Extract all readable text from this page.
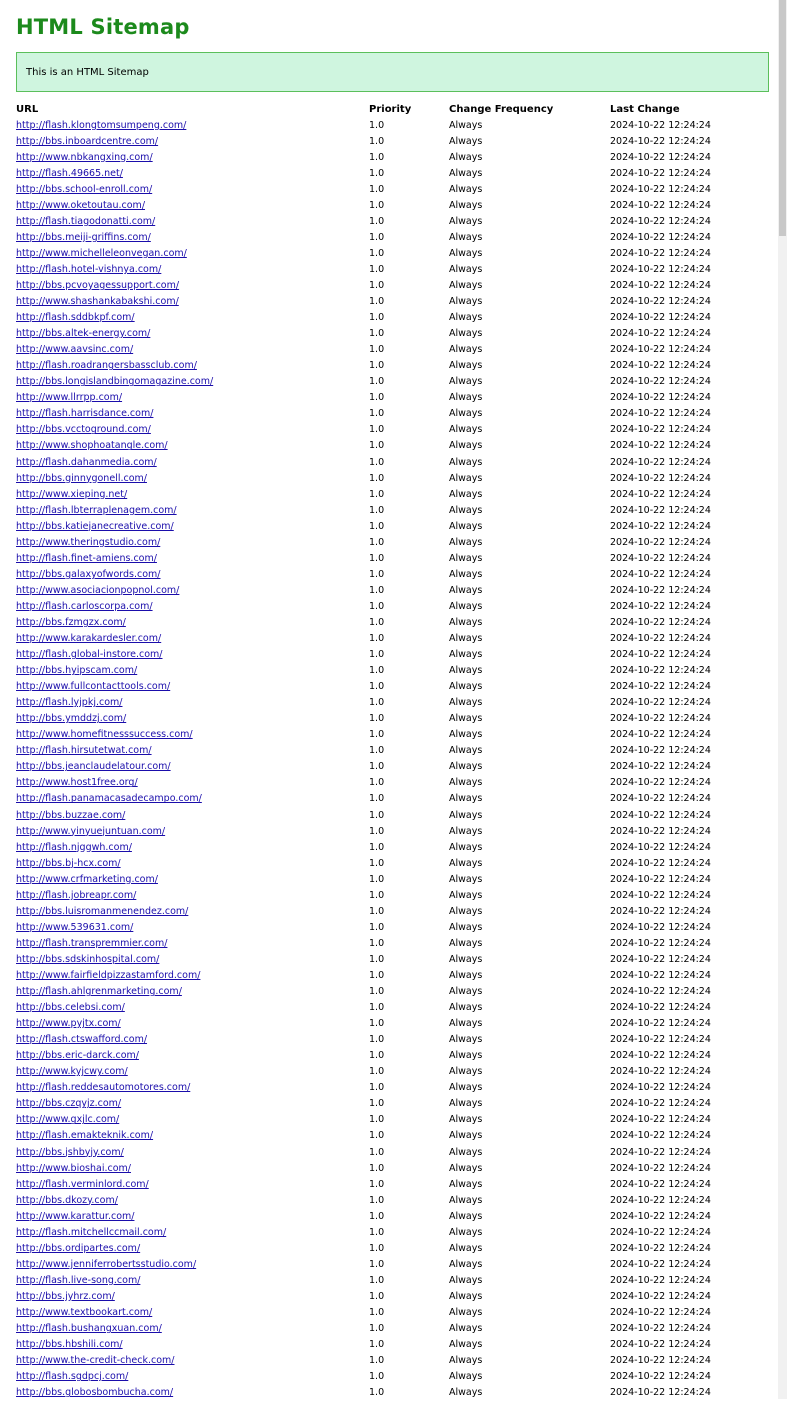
HTML Sitemap
This is an HTML Sitemap
URL	Priority	Change Frequency	Last Change
http://flash.klongtomsumpeng.com/	1.0	Always	2024-10-22 12:24:24
http://bbs.inboardcentre.com/	1.0	Always	2024-10-22 12:24:24
http://www.nbkangxing.com/	1.0	Always	2024-10-22 12:24:24
http://flash.49665.net/	1.0	Always	2024-10-22 12:24:24
http://bbs.school-enroll.com/	1.0	Always	2024-10-22 12:24:24
http://www.oketoutau.com/	1.0	Always	2024-10-22 12:24:24
http://flash.tiagodonatti.com/	1.0	Always	2024-10-22 12:24:24
http://bbs.meiji-griffins.com/	1.0	Always	2024-10-22 12:24:24
http://www.michelleleonvegan.com/	1.0	Always	2024-10-22 12:24:24
http://flash.hotel-vishnya.com/	1.0	Always	2024-10-22 12:24:24
http://bbs.pcvoyagessupport.com/	1.0	Always	2024-10-22 12:24:24
http://www.shashankabakshi.com/	1.0	Always	2024-10-22 12:24:24
http://flash.sddbkpf.com/	1.0	Always	2024-10-22 12:24:24
http://bbs.altek-energy.com/	1.0	Always	2024-10-22 12:24:24
http://www.aavsinc.com/	1.0	Always	2024-10-22 12:24:24
http://flash.roadrangersbassclub.com/	1.0	Always	2024-10-22 12:24:24
http://bbs.longislandbingomagazine.com/	1.0	Always	2024-10-22 12:24:24
http://www.llrrpp.com/	1.0	Always	2024-10-22 12:24:24
http://flash.harrisdance.com/	1.0	Always	2024-10-22 12:24:24
http://bbs.vcctoground.com/	1.0	Always	2024-10-22 12:24:24
http://www.shophoatangle.com/	1.0	Always	2024-10-22 12:24:24
http://flash.dahanmedia.com/	1.0	Always	2024-10-22 12:24:24
http://bbs.ginnygonell.com/	1.0	Always	2024-10-22 12:24:24
http://www.xieping.net/	1.0	Always	2024-10-22 12:24:24
http://flash.lbterraplenagem.com/	1.0	Always	2024-10-22 12:24:24
http://bbs.katiejanecreative.com/	1.0	Always	2024-10-22 12:24:24
http://www.theringstudio.com/	1.0	Always	2024-10-22 12:24:24
http://flash.finet-amiens.com/	1.0	Always	2024-10-22 12:24:24
http://bbs.galaxyofwords.com/	1.0	Always	2024-10-22 12:24:24
http://www.asociacionpopnol.com/	1.0	Always	2024-10-22 12:24:24
http://flash.carloscorpa.com/	1.0	Always	2024-10-22 12:24:24
http://bbs.fzmgzx.com/	1.0	Always	2024-10-22 12:24:24
http://www.karakardesler.com/	1.0	Always	2024-10-22 12:24:24
http://flash.global-instore.com/	1.0	Always	2024-10-22 12:24:24
http://bbs.hyipscam.com/	1.0	Always	2024-10-22 12:24:24
http://www.fullcontacttools.com/	1.0	Always	2024-10-22 12:24:24
http://flash.lyjpkj.com/	1.0	Always	2024-10-22 12:24:24
http://bbs.ymddzj.com/	1.0	Always	2024-10-22 12:24:24
http://www.homefitnesssuccess.com/	1.0	Always	2024-10-22 12:24:24
http://flash.hirsutetwat.com/	1.0	Always	2024-10-22 12:24:24
http://bbs.jeanclaudelatour.com/	1.0	Always	2024-10-22 12:24:24
http://www.host1free.org/	1.0	Always	2024-10-22 12:24:24
http://flash.panamacasadecampo.com/	1.0	Always	2024-10-22 12:24:24
http://bbs.buzzae.com/	1.0	Always	2024-10-22 12:24:24
http://www.yinyuejuntuan.com/	1.0	Always	2024-10-22 12:24:24
http://flash.njggwh.com/	1.0	Always	2024-10-22 12:24:24
http://bbs.bj-hcx.com/	1.0	Always	2024-10-22 12:24:24
http://www.crfmarketing.com/	1.0	Always	2024-10-22 12:24:24
http://flash.jobreapr.com/	1.0	Always	2024-10-22 12:24:24
http://bbs.luisromanmenendez.com/	1.0	Always	2024-10-22 12:24:24
http://www.539631.com/	1.0	Always	2024-10-22 12:24:24
http://flash.transpremmier.com/	1.0	Always	2024-10-22 12:24:24
http://bbs.sdskinhospital.com/	1.0	Always	2024-10-22 12:24:24
http://www.fairfieldpizzastamford.com/	1.0	Always	2024-10-22 12:24:24
http://flash.ahlgrenmarketing.com/	1.0	Always	2024-10-22 12:24:24
http://bbs.celebsi.com/	1.0	Always	2024-10-22 12:24:24
http://www.pyjtx.com/	1.0	Always	2024-10-22 12:24:24
http://flash.ctswafford.com/	1.0	Always	2024-10-22 12:24:24
http://bbs.eric-darck.com/	1.0	Always	2024-10-22 12:24:24
http://www.kyjcwy.com/	1.0	Always	2024-10-22 12:24:24
http://flash.reddesautomotores.com/	1.0	Always	2024-10-22 12:24:24
http://bbs.czqyjz.com/	1.0	Always	2024-10-22 12:24:24
http://www.gxjlc.com/	1.0	Always	2024-10-22 12:24:24
http://flash.emakteknik.com/	1.0	Always	2024-10-22 12:24:24
http://bbs.jshbyjy.com/	1.0	Always	2024-10-22 12:24:24
http://www.bioshai.com/	1.0	Always	2024-10-22 12:24:24
http://flash.verminlord.com/	1.0	Always	2024-10-22 12:24:24
http://bbs.dkozy.com/	1.0	Always	2024-10-22 12:24:24
http://www.karattur.com/	1.0	Always	2024-10-22 12:24:24
http://flash.mitchellccmail.com/	1.0	Always	2024-10-22 12:24:24
http://bbs.ordipartes.com/	1.0	Always	2024-10-22 12:24:24
http://www.jenniferrobertsstudio.com/	1.0	Always	2024-10-22 12:24:24
http://flash.live-song.com/	1.0	Always	2024-10-22 12:24:24
http://bbs.jyhrz.com/	1.0	Always	2024-10-22 12:24:24
http://www.textbookart.com/	1.0	Always	2024-10-22 12:24:24
http://flash.bushangxuan.com/	1.0	Always	2024-10-22 12:24:24
http://bbs.hbshili.com/	1.0	Always	2024-10-22 12:24:24
http://www.the-credit-check.com/	1.0	Always	2024-10-22 12:24:24
http://flash.sgdpcj.com/	1.0	Always	2024-10-22 12:24:24
http://bbs.globosbombucha.com/	1.0	Always	2024-10-22 12:24:24
